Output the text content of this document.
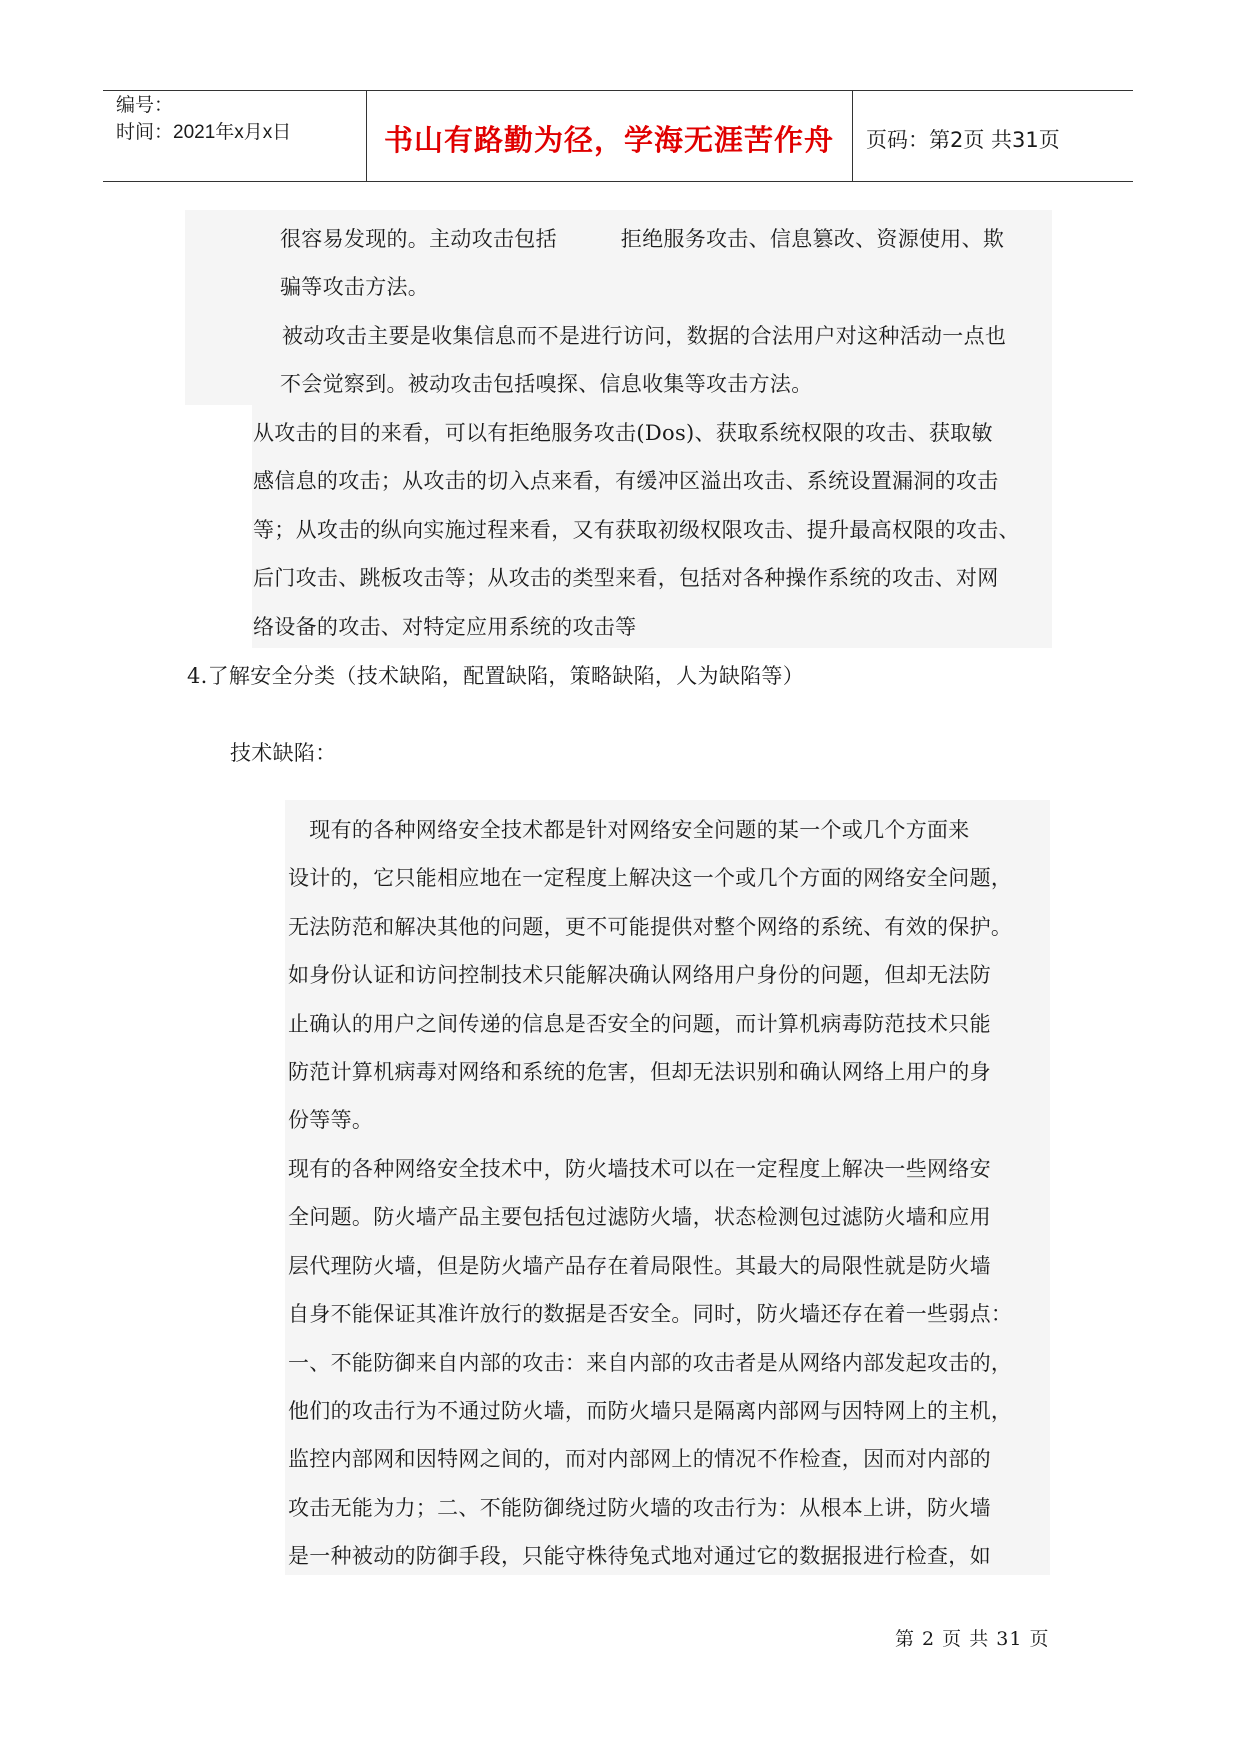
编号：
时间：2021年x月x日	书山有路勤为径，学海无涯苦作舟	页码：第2页 共31页
很容易发现的。主动攻击包括　　　拒绝服务攻击、信息篡改、资源使用、欺
骗等攻击方法。
被动攻击主要是收集信息而不是进行访问，数据的合法用户对这种活动一点也
不会觉察到。被动攻击包括嗅探、信息收集等攻击方法。
从攻击的目的来看，可以有拒绝服务攻击(Dos)、获取系统权限的攻击、获取敏
感信息的攻击；从攻击的切入点来看，有缓冲区溢出攻击、系统设置漏洞的攻击
等；从攻击的纵向实施过程来看，又有获取初级权限攻击、提升最高权限的攻击、
后门攻击、跳板攻击等；从攻击的类型来看，包括对各种操作系统的攻击、对网
络设备的攻击、对特定应用系统的攻击等
4.了解安全分类（技术缺陷，配置缺陷，策略缺陷，人为缺陷等）
技术缺陷：
　现有的各种网络安全技术都是针对网络安全问题的某一个或几个方面来
设计的，它只能相应地在一定程度上解决这一个或几个方面的网络安全问题，
无法防范和解决其他的问题，更不可能提供对整个网络的系统、有效的保护。
如身份认证和访问控制技术只能解决确认网络用户身份的问题，但却无法防
止确认的用户之间传递的信息是否安全的问题，而计算机病毒防范技术只能
防范计算机病毒对网络和系统的危害，但却无法识别和确认网络上用户的身
份等等。
现有的各种网络安全技术中，防火墙技术可以在一定程度上解决一些网络安
全问题。防火墙产品主要包括包过滤防火墙，状态检测包过滤防火墙和应用
层代理防火墙，但是防火墙产品存在着局限性。其最大的局限性就是防火墙
自身不能保证其准许放行的数据是否安全。同时，防火墙还存在着一些弱点：
一、不能防御来自内部的攻击：来自内部的攻击者是从网络内部发起攻击的，
他们的攻击行为不通过防火墙，而防火墙只是隔离内部网与因特网上的主机，
监控内部网和因特网之间的，而对内部网上的情况不作检查，因而对内部的
攻击无能为力；二、不能防御绕过防火墙的攻击行为：从根本上讲，防火墙
是一种被动的防御手段，只能守株待兔式地对通过它的数据报进行检查，如
第 2 页 共 31 页
